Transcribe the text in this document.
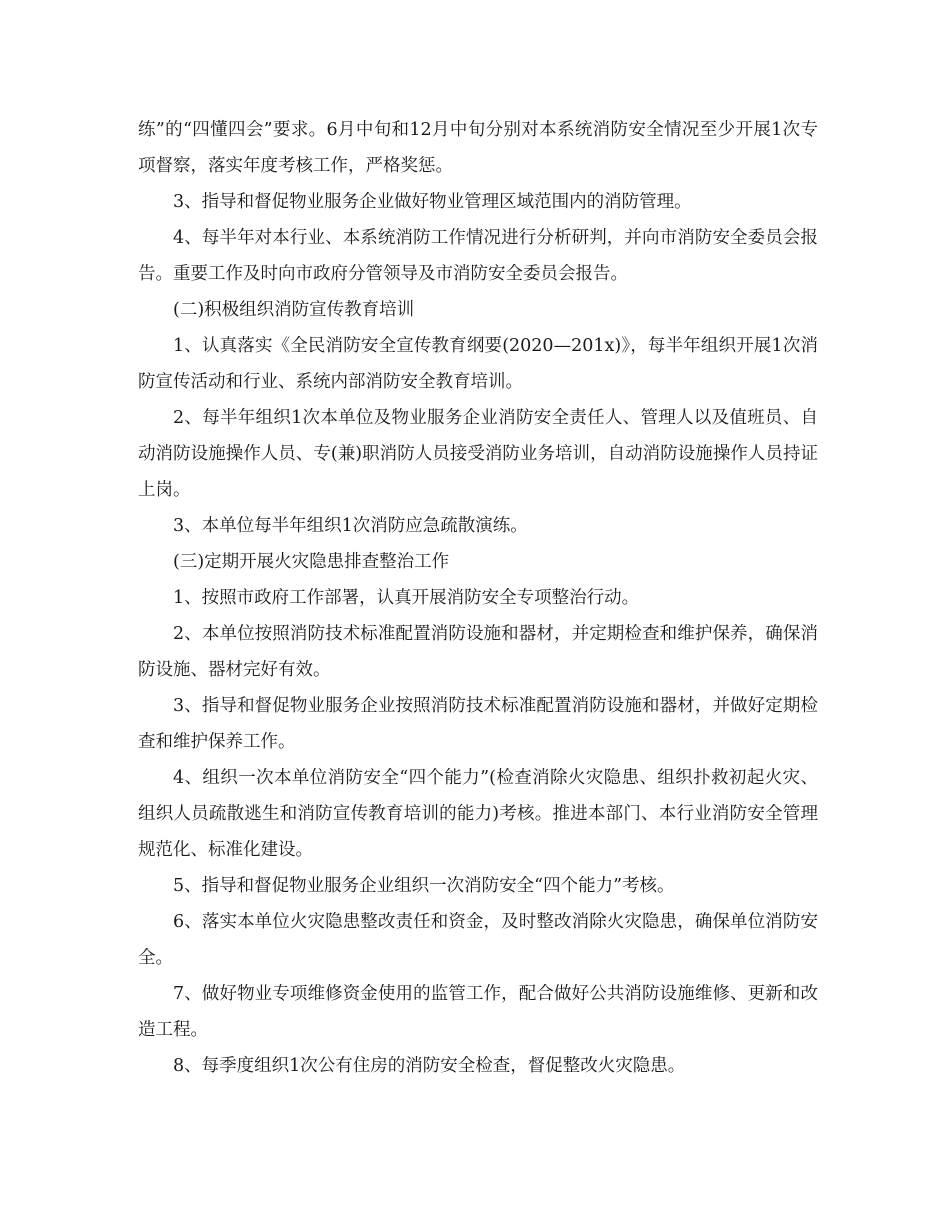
练”的“四懂四会”要求。6月中旬和12月中旬分别对本系统消防安全情况至少开展1次专项督察，落实年度考核工作，严格奖惩。

3、指导和督促物业服务企业做好物业管理区域范围内的消防管理。

4、每半年对本行业、本系统消防工作情况进行分析研判，并向市消防安全委员会报告。重要工作及时向市政府分管领导及市消防安全委员会报告。

(二)积极组织消防宣传教育培训

1、认真落实《全民消防安全宣传教育纲要(2020—201x)》，每半年组织开展1次消防宣传活动和行业、系统内部消防安全教育培训。

2、每半年组织1次本单位及物业服务企业消防安全责任人、管理人以及值班员、自动消防设施操作人员、专(兼)职消防人员接受消防业务培训，自动消防设施操作人员持证上岗。

3、本单位每半年组织1次消防应急疏散演练。

(三)定期开展火灾隐患排查整治工作

1、按照市政府工作部署，认真开展消防安全专项整治行动。

2、本单位按照消防技术标准配置消防设施和器材，并定期检查和维护保养，确保消防设施、器材完好有效。

3、指导和督促物业服务企业按照消防技术标准配置消防设施和器材，并做好定期检查和维护保养工作。

4、组织一次本单位消防安全“四个能力”(检查消除火灾隐患、组织扑救初起火灾、组织人员疏散逃生和消防宣传教育培训的能力)考核。推进本部门、本行业消防安全管理规范化、标准化建设。

5、指导和督促物业服务企业组织一次消防安全“四个能力”考核。

6、落实本单位火灾隐患整改责任和资金，及时整改消除火灾隐患，确保单位消防安全。

7、做好物业专项维修资金使用的监管工作，配合做好公共消防设施维修、更新和改造工程。

8、每季度组织1次公有住房的消防安全检查，督促整改火灾隐患。
